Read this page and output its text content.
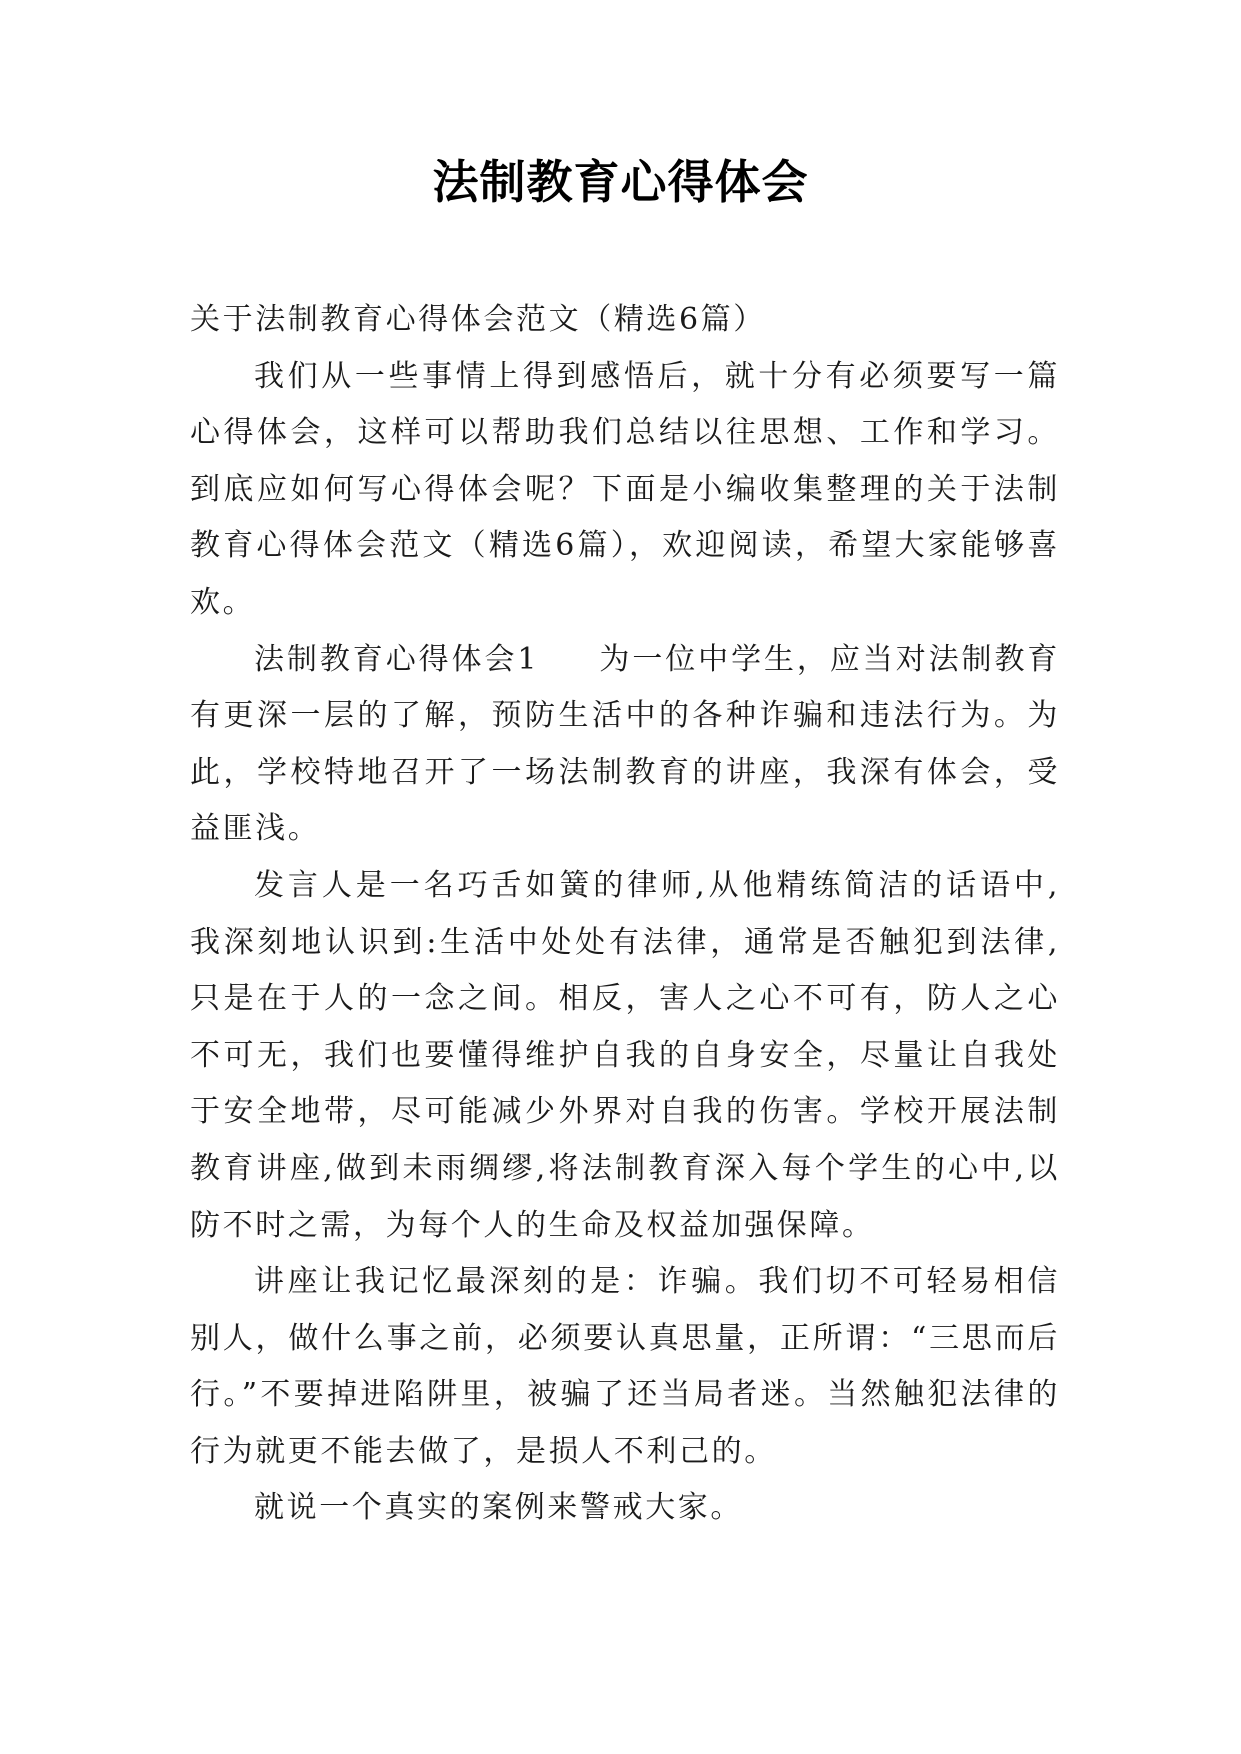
法制教育心得体会

关于法制教育心得体会范文（精选6篇）

我们从一些事情上得到感悟后，就十分有必须要写一篇心得体会，这样可以帮助我们总结以往思想、工作和学习。到底应如何写心得体会呢？下面是小编收集整理的关于法制教育心得体会范文（精选6篇），欢迎阅读，希望大家能够喜欢。

法制教育心得体会1 为一位中学生，应当对法制教育有更深一层的了解，预防生活中的各种诈骗和违法行为。为此，学校特地召开了一场法制教育的讲座，我深有体会，受益匪浅。

发言人是一名巧舌如簧的律师,从他精练简洁的话语中,我深刻地认识到:生活中处处有法律，通常是否触犯到法律,只是在于人的一念之间。相反，害人之心不可有，防人之心不可无，我们也要懂得维护自我的自身安全，尽量让自我处于安全地带，尽可能减少外界对自我的伤害。学校开展法制教育讲座,做到未雨绸缪,将法制教育深入每个学生的心中,以防不时之需，为每个人的生命及权益加强保障。

讲座让我记忆最深刻的是：诈骗。我们切不可轻易相信别人，做什么事之前，必须要认真思量，正所谓：“三思而后行。”不要掉进陷阱里，被骗了还当局者迷。当然触犯法律的行为就更不能去做了，是损人不利己的。

就说一个真实的案例来警戒大家。
